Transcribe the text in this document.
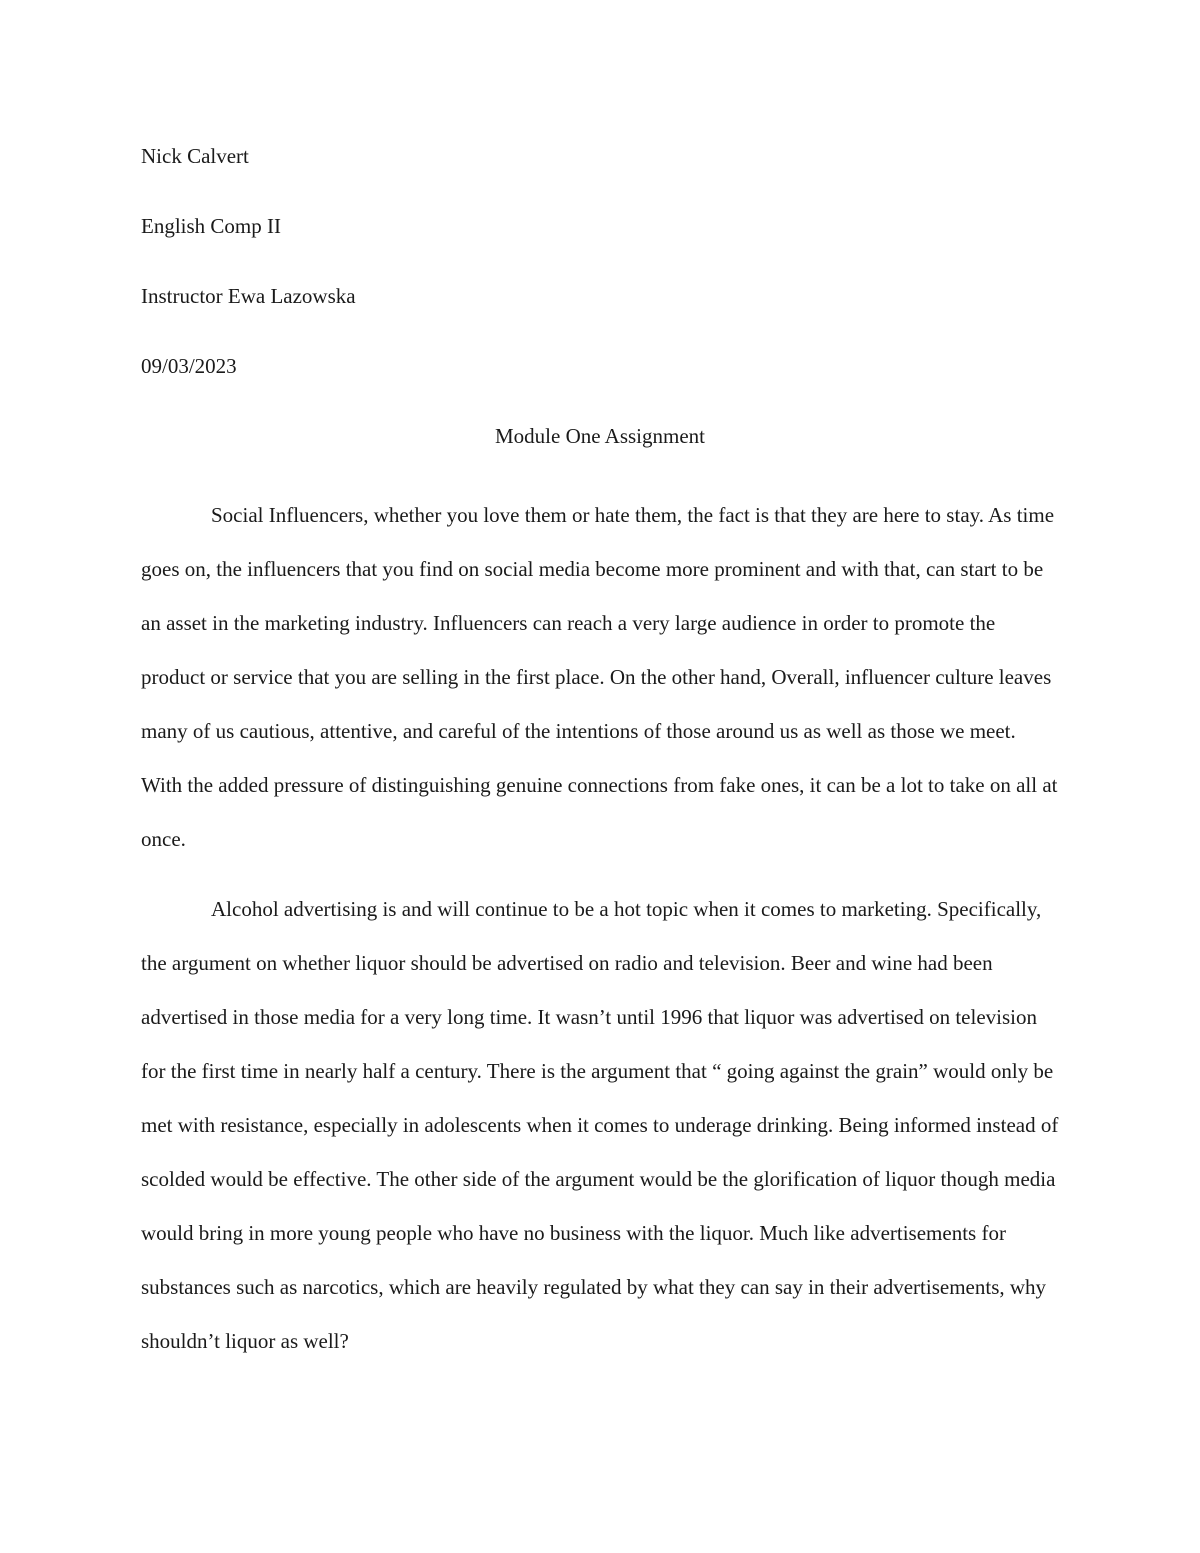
Nick Calvert
English Comp II
Instructor Ewa Lazowska
09/03/2023
Module One Assignment

Social Influencers, whether you love them or hate them, the fact is that they are here to stay. As time goes on, the influencers that you find on social media become more prominent and with that, can start to be an asset in the marketing industry. Influencers can reach a very large audience in order to promote the product or service that you are selling in the first place. On the other hand, Overall, influencer culture leaves many of us cautious, attentive, and careful of the intentions of those around us as well as those we meet. With the added pressure of distinguishing genuine connections from fake ones, it can be a lot to take on all at once.

Alcohol advertising is and will continue to be a hot topic when it comes to marketing. Specifically, the argument on whether liquor should be advertised on radio and television. Beer and wine had been advertised in those media for a very long time. It wasn’t until 1996 that liquor was advertised on television for the first time in nearly half a century. There is the argument that “ going against the grain” would only be met with resistance, especially in adolescents when it comes to underage drinking. Being informed instead of scolded would be effective. The other side of the argument would be the glorification of liquor though media would bring in more young people who have no business with the liquor. Much like advertisements for substances such as narcotics, which are heavily regulated by what they can say in their advertisements, why shouldn’t liquor as well?
